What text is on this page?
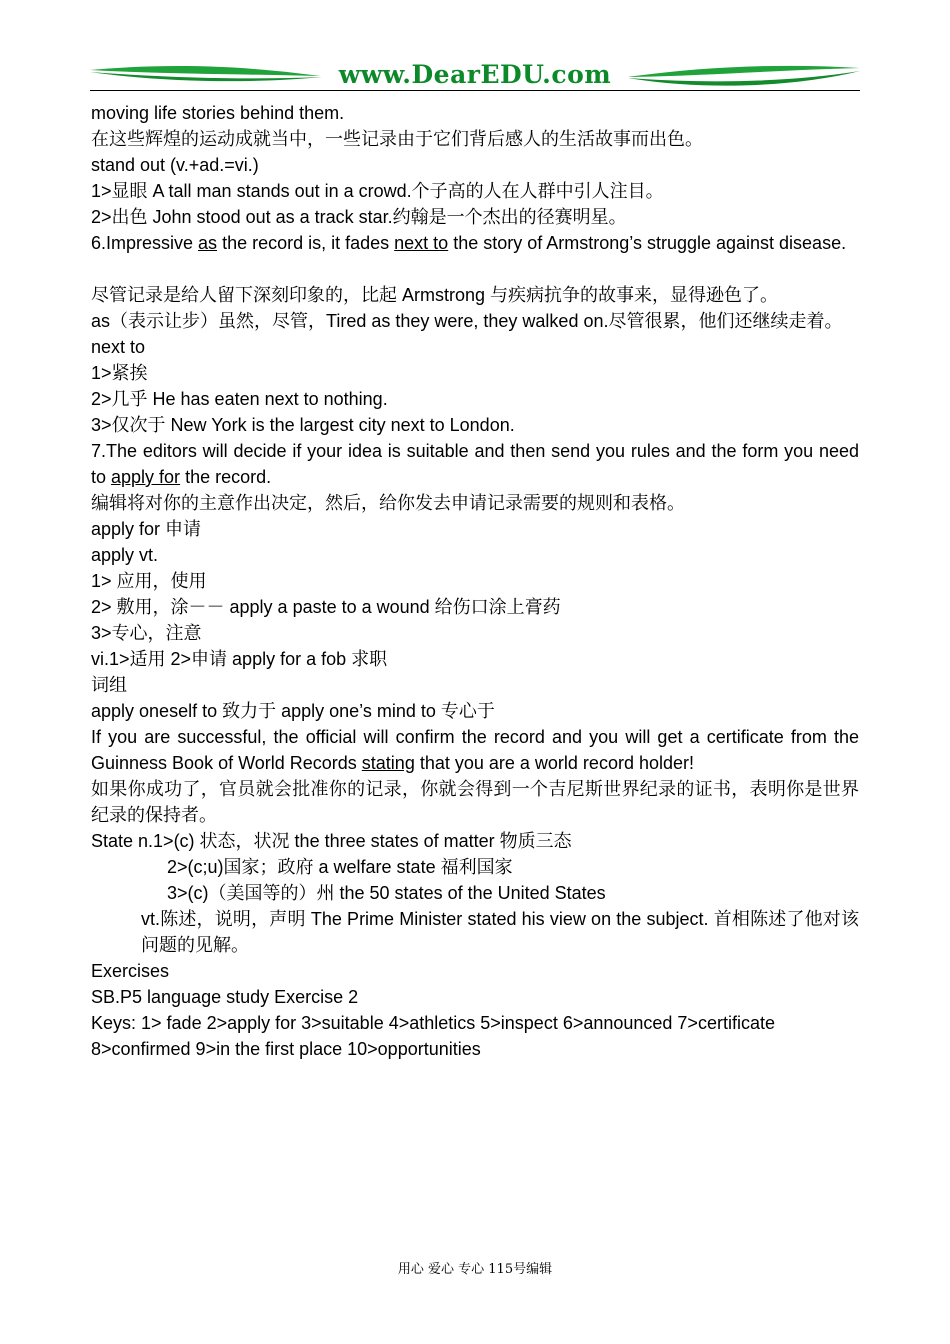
www.DearEDU.com
moving life stories behind them.
在这些辉煌的运动成就当中，一些记录由于它们背后感人的生活故事而出色。
stand out (v.+ad.=vi.)
1>显眼 A tall man stands out in a crowd.个子高的人在人群中引人注目。
2>出色 John stood out as a track star.约翰是一个杰出的径赛明星。
6.Impressive as the record is, it fades next to the story of Armstrong’s struggle against disease.
尽管记录是给人留下深刻印象的，比起 Armstrong 与疾病抗争的故事来，显得逊色了。
as（表示让步）虽然，尽管，Tired as they were, they walked on.尽管很累，他们还继续走着。
next to
1>紧挨
2>几乎 He has eaten next to nothing.
3>仅次于 New York is the largest city next to London.
7.The editors will decide if your idea is suitable and then send you rules and the form you need to apply for the record.
编辑将对你的主意作出决定，然后，给你发去申请记录需要的规则和表格。
apply for 申请
apply vt.
1> 应用，使用
2> 敷用，涂－－ apply a paste to a wound 给伤口涂上膏药
3>专心，注意
vi.1>适用 2>申请 apply for a fob 求职
词组
apply oneself to 致力于 apply one’s mind to 专心于
If you are successful, the official will confirm the record and you will get a certificate from the Guinness Book of World Records stating that you are a world record holder!
如果你成功了，官员就会批准你的记录，你就会得到一个吉尼斯世界纪录的证书，表明你是世界纪录的保持者。
State n.1>(c) 状态，状况 the three states of matter 物质三态
2>(c;u)国家；政府 a welfare state 福利国家
3>(c)（美国等的）州 the 50 states of the United States
vt.陈述，说明，声明 The Prime Minister stated his view on the subject. 首相陈述了他对该问题的见解。
Exercises
SB.P5 language study Exercise 2
Keys: 1> fade 2>apply for 3>suitable 4>athletics 5>inspect 6>announced 7>certificate
8>confirmed 9>in the first place 10>opportunities
用心 爱心 专心 115号编辑
